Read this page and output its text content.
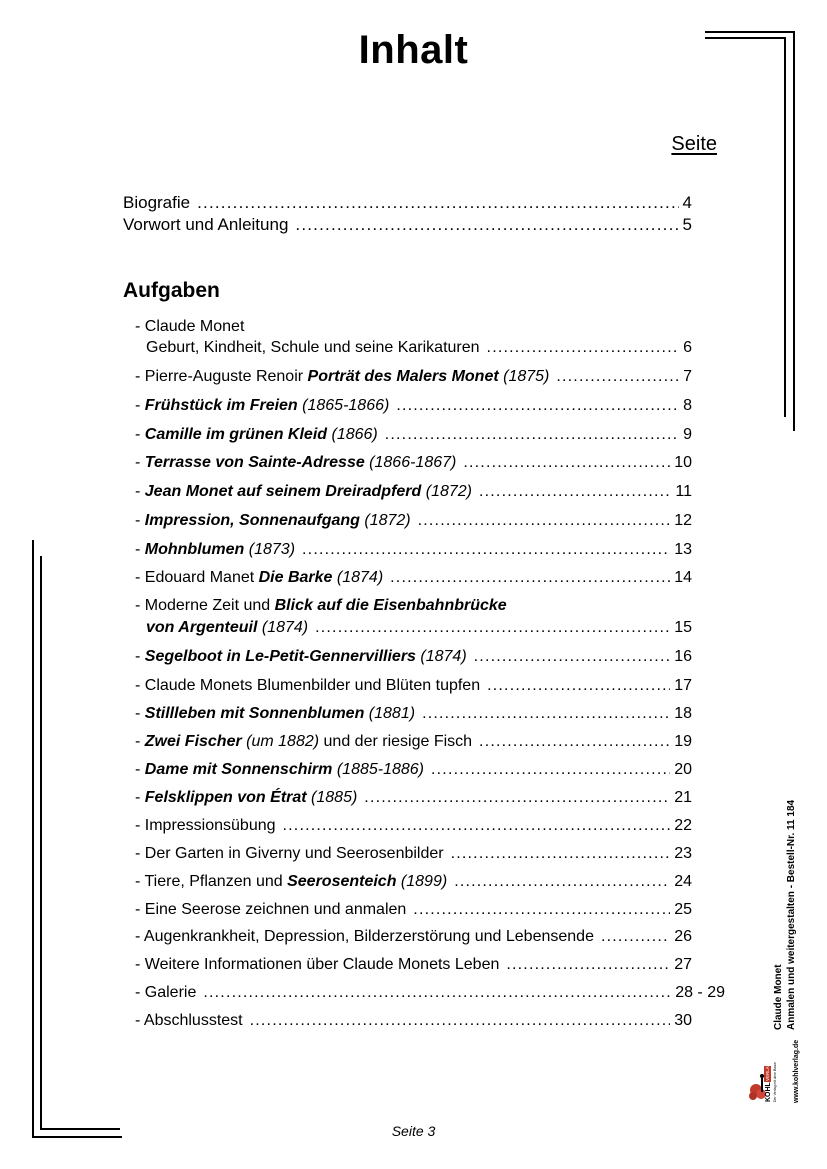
Inhalt
Seite
Biografie .....	4
Vorwort und Anleitung .....	5
Aufgaben
- Claude Monet
Geburt, Kindheit, Schule und seine Karikaturen .....	6
- Pierre-Auguste Renoir Porträt des Malers Monet (1875) .....	7
- Frühstück im Freien (1865-1866) .....	8
- Camille im grünen Kleid (1866) .....	9
- Terrasse von Sainte-Adresse (1866-1867) .....	10
- Jean Monet auf seinem Dreiradpferd (1872) .....	11
- Impression, Sonnenaufgang (1872) .....	12
- Mohnblumen (1873) .....	13
- Edouard Manet Die Barke (1874) .....	14
- Moderne Zeit und Blick auf die Eisenbahnbrücke
von Argenteuil (1874) .....	15
- Segelboot in Le-Petit-Gennervilliers (1874) .....	16
- Claude Monets Blumenbilder und Blüten tupfen .....	17
- Stillleben mit Sonnenblumen (1881) .....	18
- Zwei Fischer (um 1882) und der riesige Fisch .....	19
- Dame mit Sonnenschirm (1885-1886) .....	20
- Felsklippen von Étrat (1885) .....	21
- Impressionsübung .....	22
- Der Garten in Giverny und Seerosenbilder .....	23
- Tiere, Pflanzen und Seerosenteich (1899) .....	24
- Eine Seerose zeichnen und anmalen .....	25
- Augenkrankheit, Depression, Bilderzerstörung und Lebensende .....	26
- Weitere Informationen über Claude Monets Leben .....	27
- Galerie .....	28 - 29
- Abschlusstest .....	30	Claude Monet Anmalen und weitergestalten - Bestell-Nr. 11 184
www.kohlverlag.de
KOHL
VERLAG Der Verlag mit dem Baum
Seite 3
